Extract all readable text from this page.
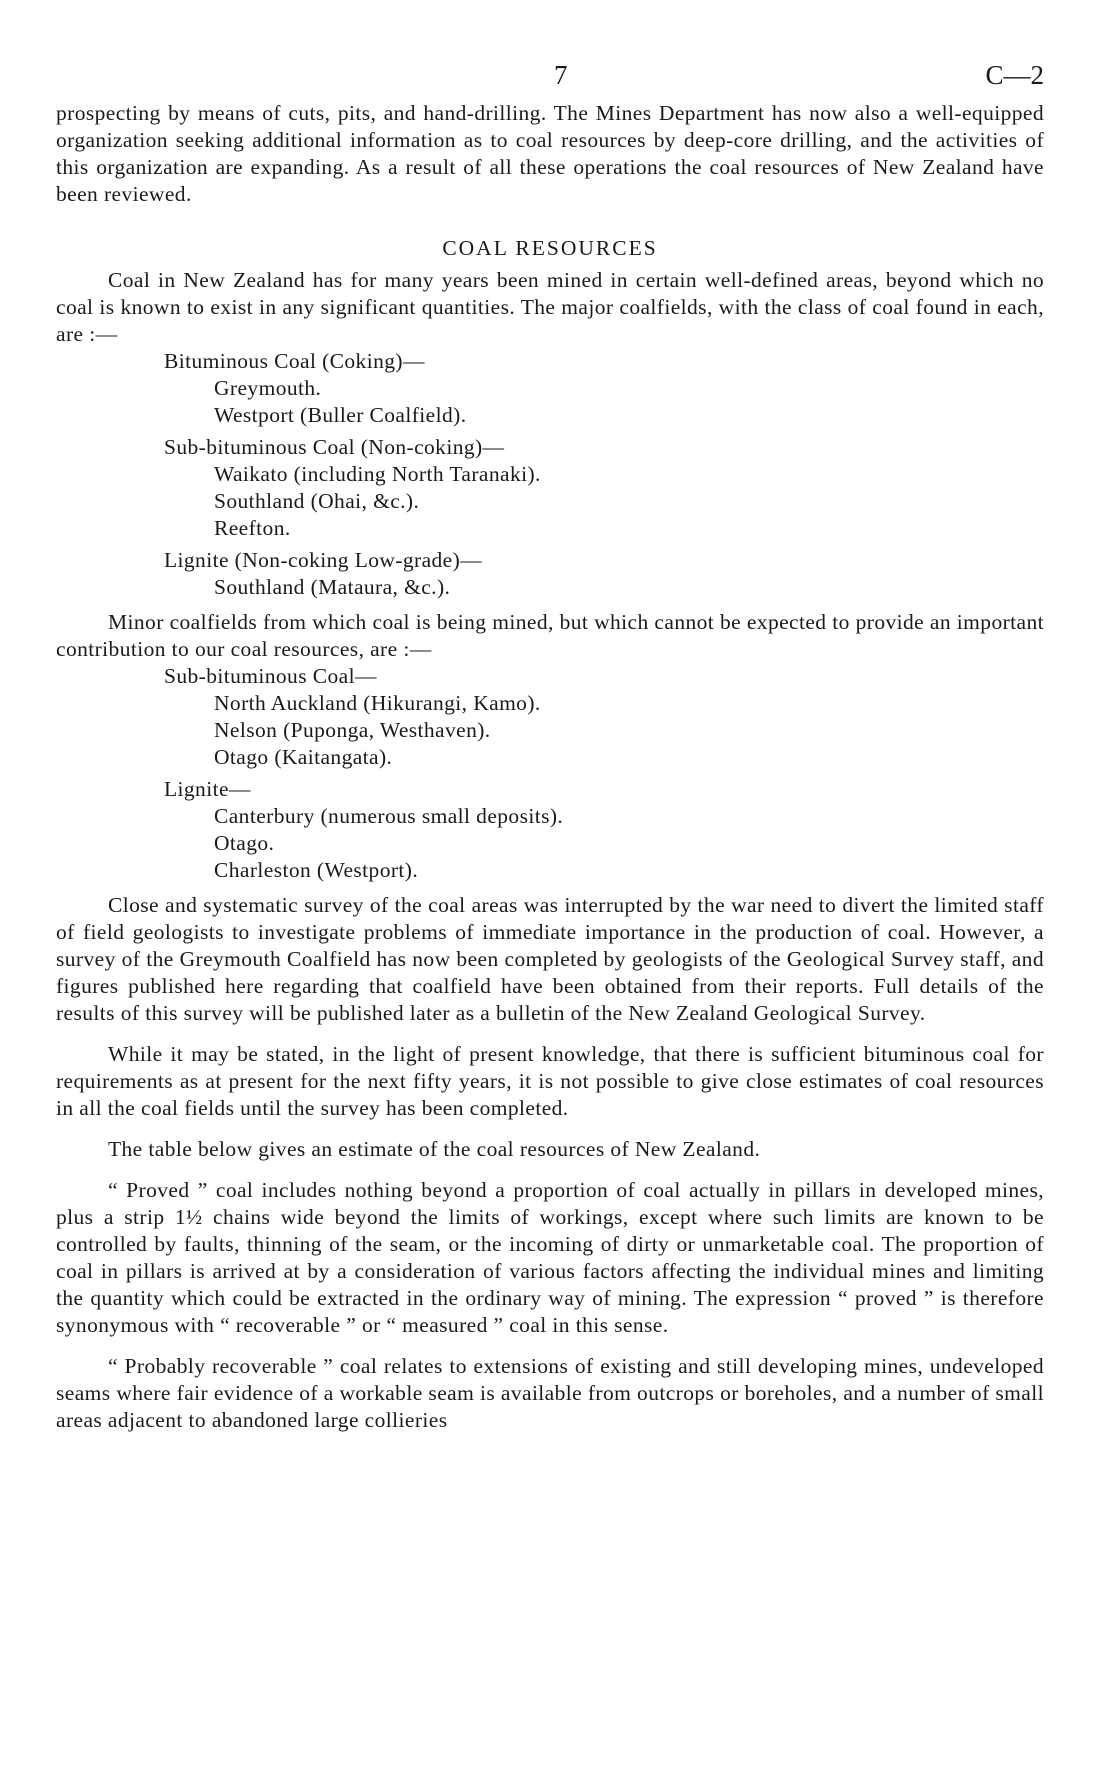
7	C—2

prospecting by means of cuts, pits, and hand-drilling. The Mines Department has now also a well-equipped organization seeking additional information as to coal resources by deep-core drilling, and the activities of this organization are expanding. As a result of all these operations the coal resources of New Zealand have been reviewed.

COAL RESOURCES

Coal in New Zealand has for many years been mined in certain well-defined areas, beyond which no coal is known to exist in any significant quantities. The major coalfields, with the class of coal found in each, are :—

Bituminous Coal (Coking)—
Greymouth.
Westport (Buller Coalfield).
Sub-bituminous Coal (Non-coking)—
Waikato (including North Taranaki).
Southland (Ohai, &c.).
Reefton.
Lignite (Non-coking Low-grade)—
Southland (Mataura, &c.).

Minor coalfields from which coal is being mined, but which cannot be expected to provide an important contribution to our coal resources, are :—

Sub-bituminous Coal—
North Auckland (Hikurangi, Kamo).
Nelson (Puponga, Westhaven).
Otago (Kaitangata).
Lignite—
Canterbury (numerous small deposits).
Otago.
Charleston (Westport).

Close and systematic survey of the coal areas was interrupted by the war need to divert the limited staff of field geologists to investigate problems of immediate importance in the production of coal. However, a survey of the Greymouth Coalfield has now been completed by geologists of the Geological Survey staff, and figures published here regarding that coalfield have been obtained from their reports. Full details of the results of this survey will be published later as a bulletin of the New Zealand Geological Survey.

While it may be stated, in the light of present knowledge, that there is sufficient bituminous coal for requirements as at present for the next fifty years, it is not possible to give close estimates of coal resources in all the coal fields until the survey has been completed.

The table below gives an estimate of the coal resources of New Zealand.

“ Proved ” coal includes nothing beyond a proportion of coal actually in pillars in developed mines, plus a strip 1½ chains wide beyond the limits of workings, except where such limits are known to be controlled by faults, thinning of the seam, or the incoming of dirty or unmarketable coal. The proportion of coal in pillars is arrived at by a consideration of various factors affecting the individual mines and limiting the quantity which could be extracted in the ordinary way of mining. The expression “ proved ” is therefore synonymous with “ recoverable ” or “ measured ” coal in this sense.

“ Probably recoverable ” coal relates to extensions of existing and still developing mines, undeveloped seams where fair evidence of a workable seam is available from outcrops or boreholes, and a number of small areas adjacent to abandoned large collieries
